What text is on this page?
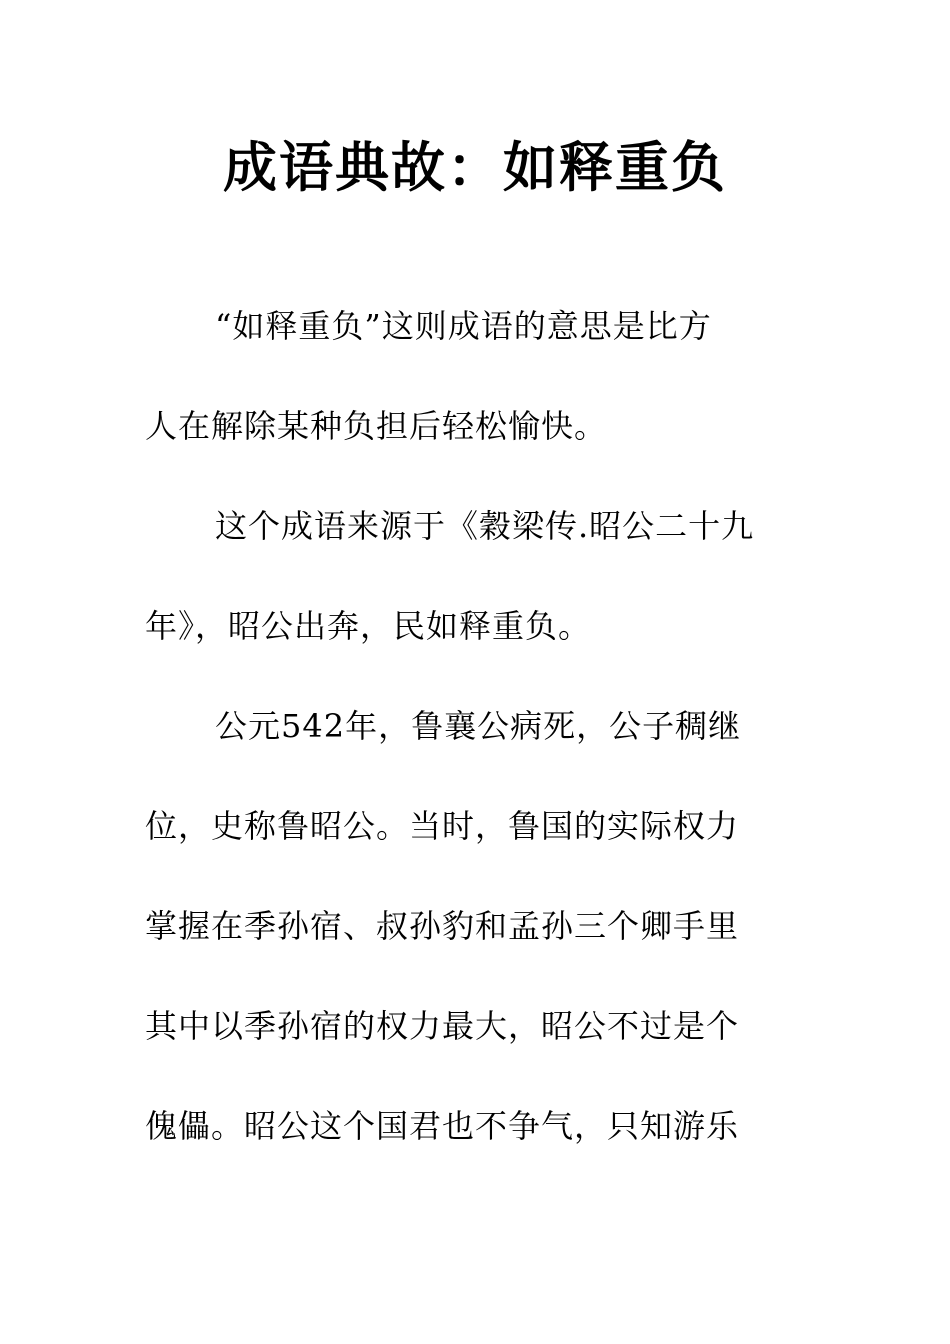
成语典故：如释重负
“如释重负”这则成语的意思是比方
人在解除某种负担后轻松愉快。
这个成语来源于《穀梁传.昭公二十九
年》，昭公出奔，民如释重负。
公元542年，鲁襄公病死，公子稠继
位，史称鲁昭公。当时，鲁国的实际权力
掌握在季孙宿、叔孙豹和孟孙三个卿手里
其中以季孙宿的权力最大，昭公不过是个
傀儡。昭公这个国君也不争气，只知游乐
